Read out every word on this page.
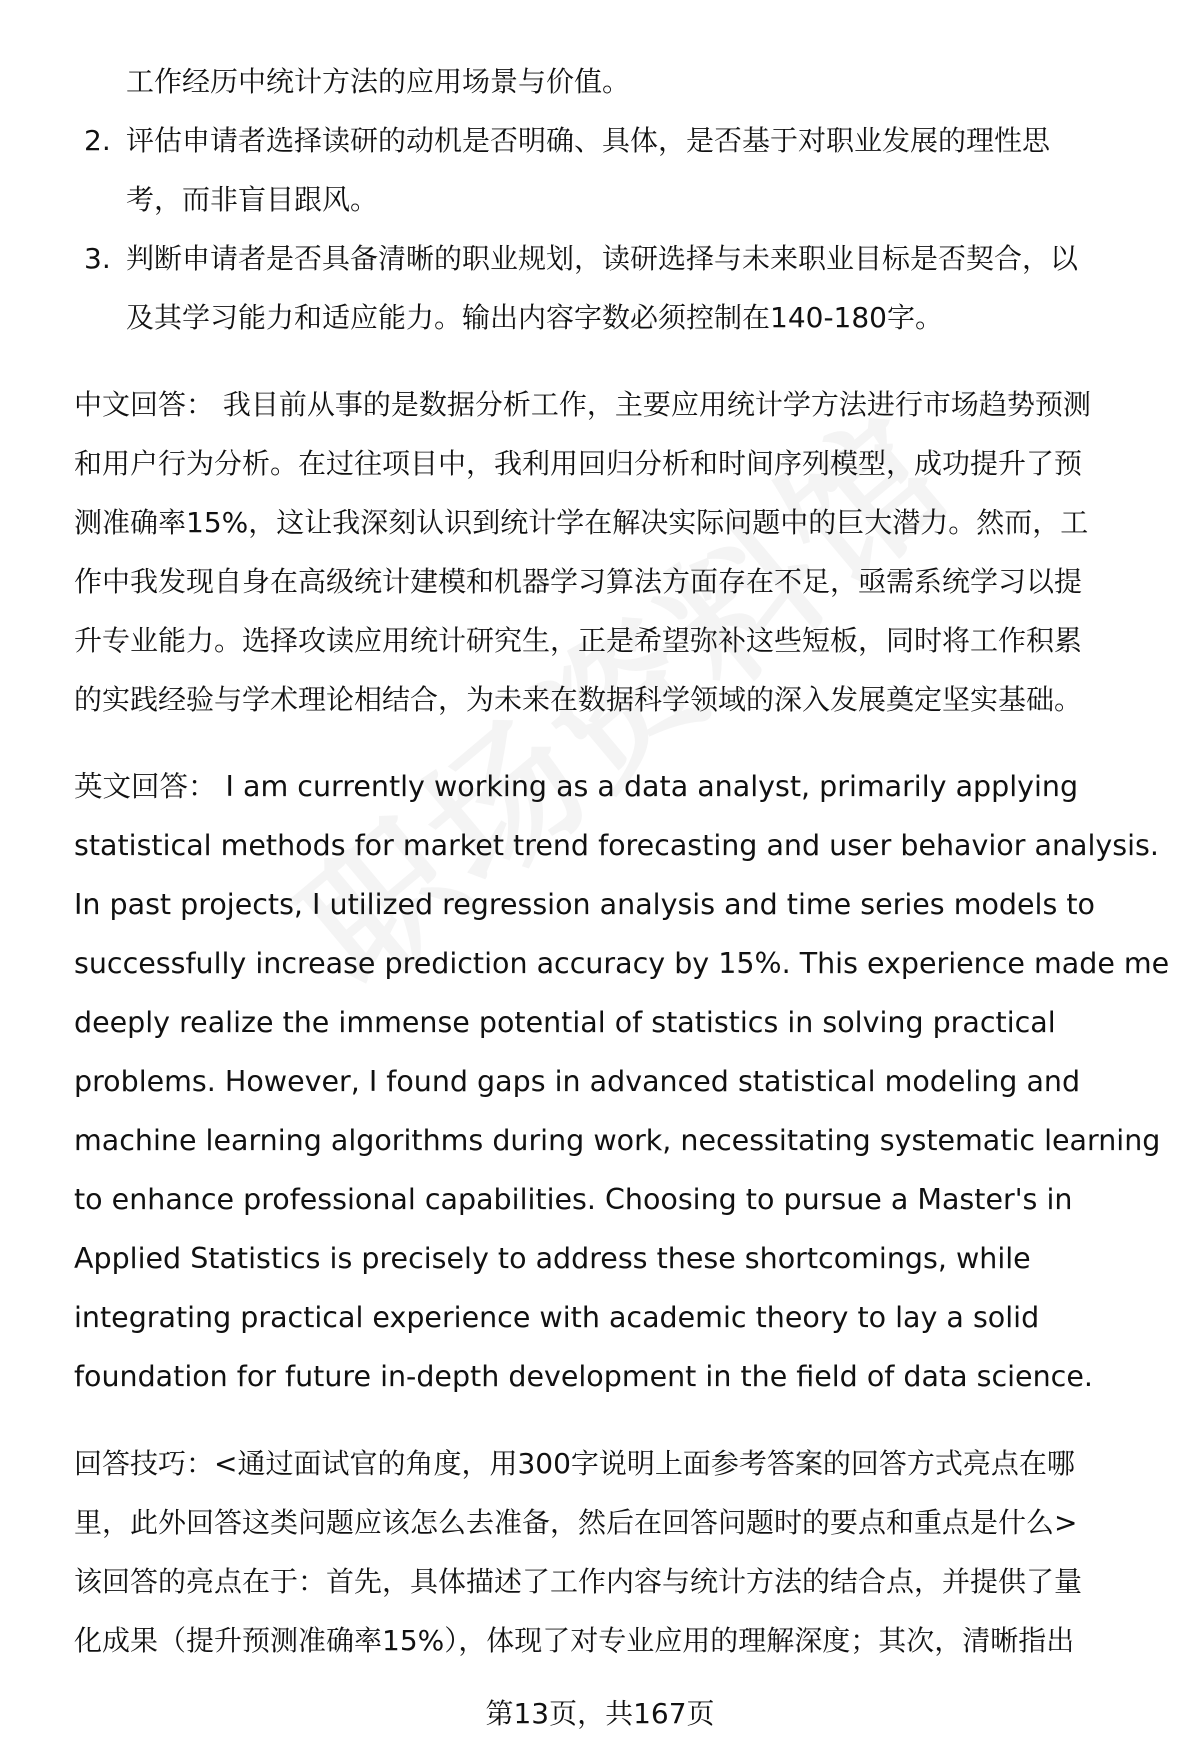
工作经历中统计方法的应用场景与价值。
2. 评估申请者选择读研的动机是否明确、具体，是否基于对职业发展的理性思
考，而非盲目跟风。
3. 判断申请者是否具备清晰的职业规划，读研选择与未来职业目标是否契合，以
及其学习能力和适应能力。输出内容字数必须控制在140-180字。
中文回答： 我目前从事的是数据分析工作，主要应用统计学方法进行市场趋势预测
和用户行为分析。在过往项目中，我利用回归分析和时间序列模型，成功提升了预
测准确率15%，这让我深刻认识到统计学在解决实际问题中的巨大潜力。然而，工
作中我发现自身在高级统计建模和机器学习算法方面存在不足，亟需系统学习以提
升专业能力。选择攻读应用统计研究生，正是希望弥补这些短板，同时将工作积累
的实践经验与学术理论相结合，为未来在数据科学领域的深入发展奠定坚实基础。
英文回答： I am currently working as a data analyst, primarily applying
statistical methods for market trend forecasting and user behavior analysis.
In past projects, I utilized regression analysis and time series models to
successfully increase prediction accuracy by 15%. This experience made me
deeply realize the immense potential of statistics in solving practical
problems. However, I found gaps in advanced statistical modeling and
machine learning algorithms during work, necessitating systematic learning
to enhance professional capabilities. Choosing to pursue a Master's in
Applied Statistics is precisely to address these shortcomings, while
integrating practical experience with academic theory to lay a solid
foundation for future in-depth development in the field of data science.
回答技巧：<通过面试官的角度，用300字说明上面参考答案的回答方式亮点在哪
里，此外回答这类问题应该怎么去准备，然后在回答问题时的要点和重点是什么>
该回答的亮点在于：首先，具体描述了工作内容与统计方法的结合点，并提供了量
化成果（提升预测准确率15%），体现了对专业应用的理解深度；其次，清晰指出
第13页，共167页
